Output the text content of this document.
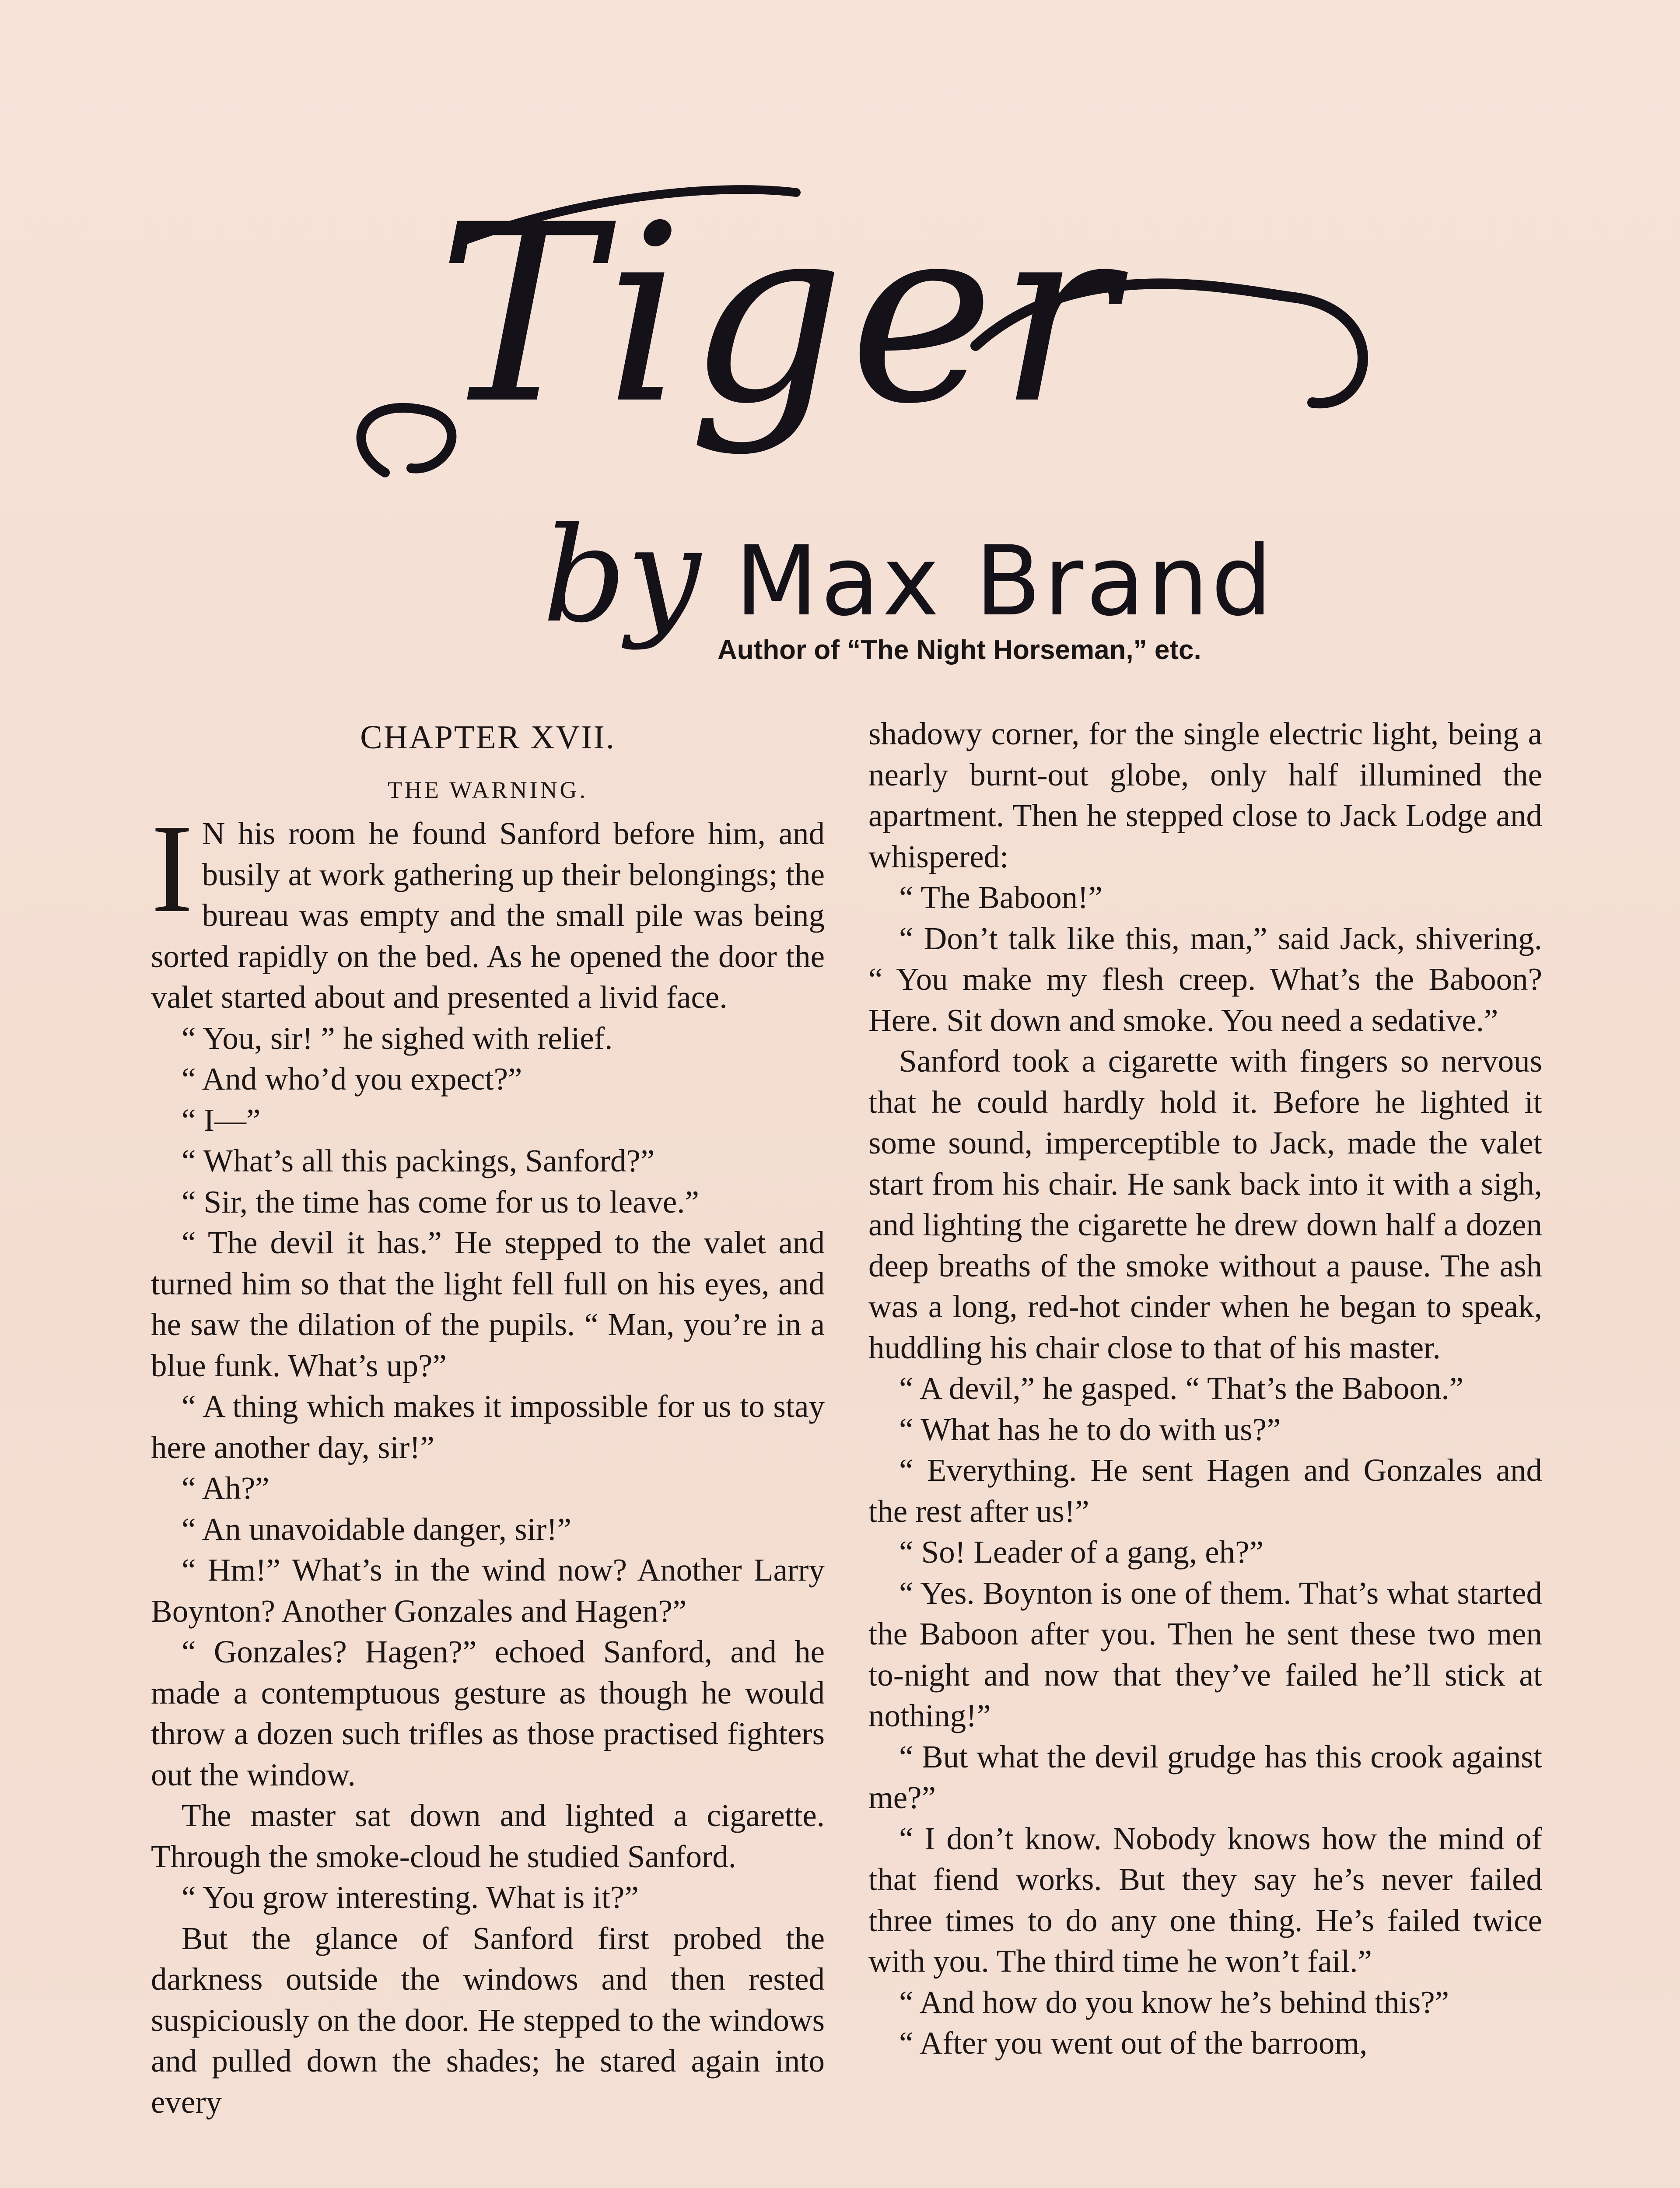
Tiger
by Max Brand
Author of “The Night Horseman,” etc.
CHAPTER XVII.
THE WARNING.

I N his room he found Sanford before him, and busily at work gathering up their belongings; the bureau was empty and the small pile was being sorted rapidly on the bed. As he opened the door the valet started about and presented a livid face.

“ You, sir! ” he sighed with relief.

“ And who’d you expect?”

“ I—”

“ What’s all this packings, Sanford?”

“ Sir, the time has come for us to leave.”

“ The devil it has.” He stepped to the valet and turned him so that the light fell full on his eyes, and he saw the dilation of the pupils. “ Man, you’re in a blue funk. What’s up?”

“ A thing which makes it impossible for us to stay here another day, sir!”

“ Ah?”

“ An unavoidable danger, sir!”

“ Hm!” What’s in the wind now? Another Larry Boynton? Another Gonzales and Hagen?”

“ Gonzales? Hagen?” echoed Sanford, and he made a contemptuous gesture as though he would throw a dozen such trifles as those practised fighters out the window.

The master sat down and lighted a cigarette. Through the smoke-cloud he studied Sanford.

“ You grow interesting. What is it?”

But the glance of Sanford first probed the darkness outside the windows and then rested suspiciously on the door. He stepped to the windows and pulled down the shades; he stared again into every

shadowy corner, for the single electric light, being a nearly burnt-out globe, only half illumined the apartment. Then he stepped close to Jack Lodge and whispered:

“ The Baboon!”

“ Don’t talk like this, man,” said Jack, shivering. “ You make my flesh creep. What’s the Baboon? Here. Sit down and smoke. You need a sedative.”

Sanford took a cigarette with fingers so nervous that he could hardly hold it. Before he lighted it some sound, imperceptible to Jack, made the valet start from his chair. He sank back into it with a sigh, and lighting the cigarette he drew down half a dozen deep breaths of the smoke without a pause. The ash was a long, red-hot cinder when he began to speak, huddling his chair close to that of his master.

“ A devil,” he gasped. “ That’s the Baboon.”

“ What has he to do with us?”

“ Everything. He sent Hagen and Gonzales and the rest after us!”

“ So! Leader of a gang, eh?”

“ Yes. Boynton is one of them. That’s what started the Baboon after you. Then he sent these two men to-night and now that they’ve failed he’ll stick at nothing!”

“ But what the devil grudge has this crook against me?”

“ I don’t know. Nobody knows how the mind of that fiend works. But they say he’s never failed three times to do any one thing. He’s failed twice with you. The third time he won’t fail.”

“ And how do you know he’s behind this?”

“ After you went out of the barroom,
